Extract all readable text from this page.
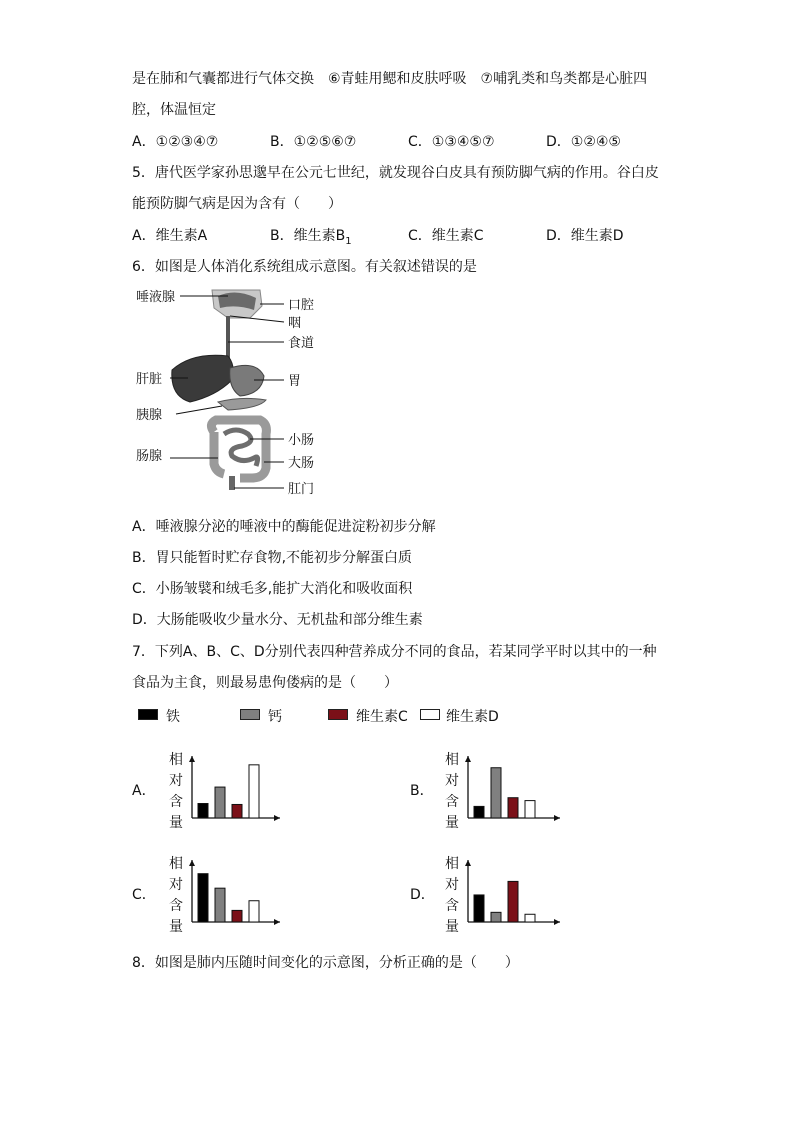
是在肺和气囊都进行气体交换　⑥青蛙用鳃和皮肤呼吸　⑦哺乳类和鸟类都是心脏四
腔，体温恒定
A．①②③④⑦	B．①②⑤⑥⑦	C．①③④⑤⑦	D．①②④⑤
5．唐代医学家孙思邈早在公元七世纪，就发现谷白皮具有预防脚气病的作用。谷白皮
能预防脚气病是因为含有（　　）
A．维生素A	B．维生素$B_1$	C．维生素C	D．维生素D
6．如图是人体消化系统组成示意图。有关叙述错误的是
唾液腺
口腔
咽
食道
肝脏	胃
胰腺
小肠
肠腺	大肠
肛门
A．唾液腺分泌的唾液中的酶能促进淀粉初步分解
B．胃只能暂时贮存食物,不能初步分解蛋白质
C．小肠皱襞和绒毛多,能扩大消化和吸收面积
D．大肠能吸收少量水分、无机盐和部分维生素
7．下列A、B、C、D分别代表四种营养成分不同的食品，若某同学平时以其中的一种
食品为主食，则最易患佝偻病的是（　　）
铁	钙	维生素C	维生素D
A．
相
对
含
量
B．
相
对
含
量
C．
相
对
含
量
D．
相
对
含
量
8．如图是肺内压随时间变化的示意图，分析正确的是（　　）
